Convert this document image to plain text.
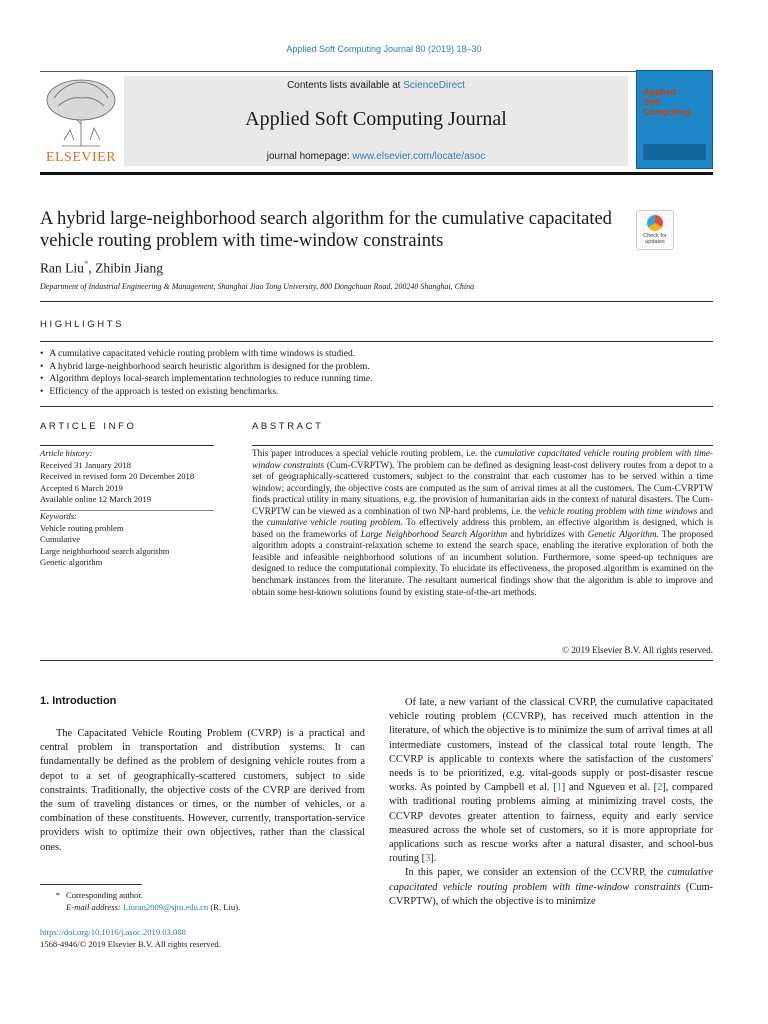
Applied Soft Computing Journal 80 (2019) 18–30
ELSEVIER
Contents lists available at ScienceDirect
Applied Soft Computing Journal
journal homepage: www.elsevier.com/locate/asoc
Applied
Soft
Computing
A hybrid large-neighborhood search algorithm for the cumulative capacitated vehicle routing problem with time-window constraints	Check for
updates
Ran Liu*, Zhibin Jiang
Department of Industrial Engineering & Management, Shanghai Jiao Tong University, 800 Dongchuan Road, 200240 Shanghai, China
HIGHLIGHTS
• A cumulative capacitated vehicle routing problem with time windows is studied.
• A hybrid large-neighborhood search heuristic algorithm is designed for the problem.
• Algorithm deploys local-search implementation technologies to reduce running time.
• Efficiency of the approach is tested on existing benchmarks.
ARTICLE INFO
Article history:
Received 31 January 2018
Received in revised form 20 December 2018
Accepted 6 March 2019
Available online 12 March 2019
Keywords:
Vehicle routing problem
Cumulative
Large neighborhood search algorithm
Genetic algorithm
ABSTRACT

This paper introduces a special vehicle routing problem, i.e. the cumulative capacitated vehicle routing problem with time-window constraints (Cum-CVRPTW). The problem can be defined as designing least-cost delivery routes from a depot to a set of geographically-scattered customers, subject to the constraint that each customer has to be served within a time window; accordingly, the objective costs are computed as the sum of arrival times at all the customers. The Cum-CVRPTW finds practical utility in many situations, e.g. the provision of humanitarian aids in the context of natural disasters. The Cum-CVRPTW can be viewed as a combination of two NP-hard problems, i.e. the vehicle routing problem with time windows and the cumulative vehicle routing problem. To effectively address this problem, an effective algorithm is designed, which is based on the frameworks of Large Neighborhood Search Algorithm and hybridizes with Genetic Algorithm. The proposed algorithm adopts a constraint-relaxation scheme to extend the search space, enabling the iterative exploration of both the feasible and infeasible neighborhood solutions of an incumbent solution. Furthermore, some speed-up techniques are designed to reduce the computational complexity. To elucidate its effectiveness, the proposed algorithm is examined on the benchmark instances from the literature. The resultant numerical findings show that the algorithm is able to improve and obtain some best-known solutions found by existing state-of-the-art methods.

© 2019 Elsevier B.V. All rights reserved.
1. Introduction

The Capacitated Vehicle Routing Problem (CVRP) is a practical and central problem in transportation and distribution systems. It can fundamentally be defined as the problem of designing vehicle routes from a depot to a set of geographically-scattered customers, subject to side constraints. Traditionally, the objective costs of the CVRP are derived from the sum of traveling distances or times, or the number of vehicles, or a combination of these constituents. However, currently, transportation-service providers wish to optimize their own objectives, rather than the classical ones.

Of late, a new variant of the classical CVRP, the cumulative capacitated vehicle routing problem (CCVRP), has received much attention in the literature, of which the objective is to minimize the sum of arrival times at all intermediate customers, instead of the classical total route length. The CCVRP is applicable to contexts where the satisfaction of the customers' needs is to be prioritized, e.g. vital-goods supply or post-disaster rescue works. As pointed by Campbell et al. [1] and Ngueveu et al. [2], compared with traditional routing problems aiming at minimizing travel costs, the CCVRP devotes greater attention to fairness, equity and early service measured across the whole set of customers, so it is more appropriate for applications such as rescue works after a natural disaster, and school-bus routing [3].

In this paper, we consider an extension of the CCVRP, the cumulative capacitated vehicle routing problem with time-window constraints (Cum-CVRPTW), of which the objective is to minimize

* Corresponding author.
E-mail address: Liuran2009@sjtu.edu.cn (R. Liu).
https://doi.org/10.1016/j.asoc.2019.03.008
1568-4946/© 2019 Elsevier B.V. All rights reserved.
